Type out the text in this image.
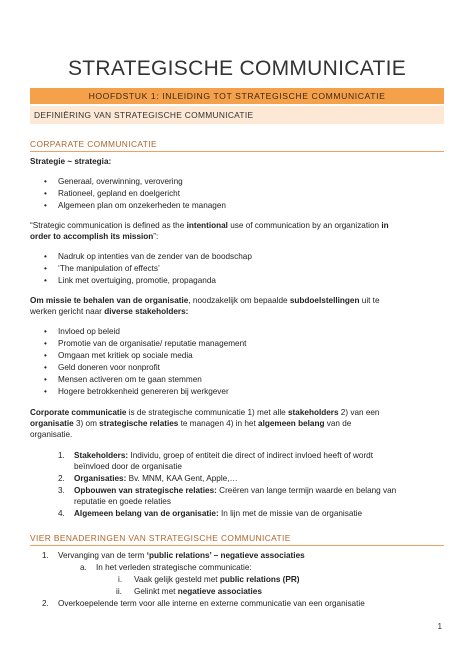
STRATEGISCHE COMMUNICATIE
HOOFDSTUK 1: INLEIDING TOT STRATEGISCHE COMMUNICATIE
DEFINIËRING VAN STRATEGISCHE COMMUNICATIE
CORPARATE COMMUNICATIE
Strategie ~ strategia:
• Generaal, overwinning, verovering
• Rationeel, gepland en doelgericht
• Algemeen plan om onzekerheden te managen
“Strategic communication is defined as the intentional use of communication by an organization in
order to accomplish its mission”:
• Nadruk op intenties van de zender van de boodschap
• ‘The manipulation of effects’
• Link met overtuiging, promotie, propaganda
Om missie te behalen van de organisatie, noodzakelijk om bepaalde subdoelstellingen uit te
werken gericht naar diverse stakeholders:
• Invloed op beleid
• Promotie van de organisatie/ reputatie management
• Omgaan met kritiek op sociale media
• Geld doneren voor nonprofit
• Mensen activeren om te gaan stemmen
• Hogere betrokkenheid genereren bij werkgever
Corporate communicatie is de strategische communicatie 1) met alle stakeholders 2) van een
organisatie 3) om strategische relaties te managen 4) in het algemeen belang van de
organisatie.
1. Stakeholders: Individu, groep of entiteit die direct of indirect invloed heeft of wordt
beïnvloed door de organisatie
2. Organisaties: Bv. MNM, KAA Gent, Apple,…
3. Opbouwen van strategische relaties: Creëren van lange termijn waarde en belang van
reputatie en goede relaties
4. Algemeen belang van de organisatie: In lijn met de missie van de organisatie
VIER BENADERINGEN VAN STRATEGISCHE COMMUNICATIE
1. Vervanging van de term ‘public relations’ – negatieve associaties
a. In het verleden strategische communicatie:
i. Vaak gelijk gesteld met public relations (PR)
ii. Gelinkt met negatieve associaties
2. Overkoepelende term voor alle interne en externe communicatie van een organisatie
1
